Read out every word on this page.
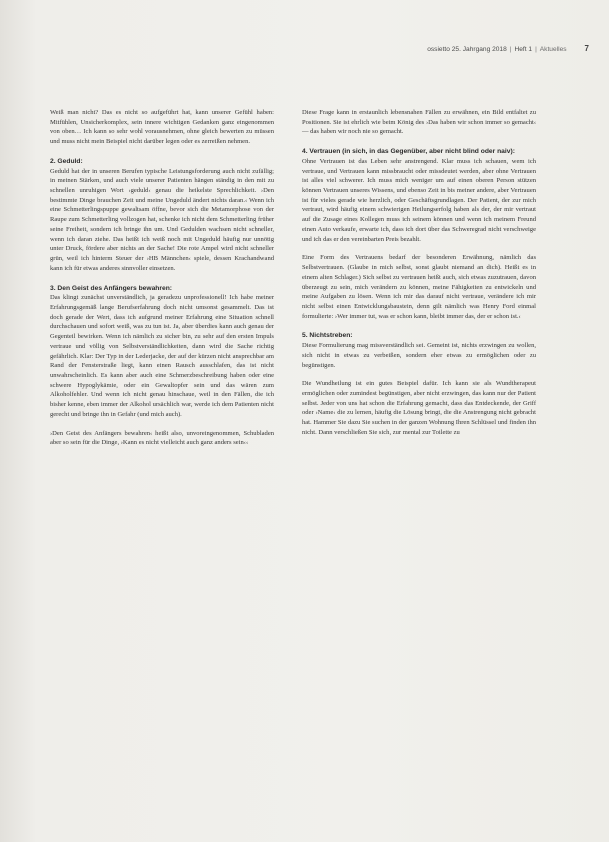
ossietto 25. Jahrgang 2018 | Heft 1 | Aktuelles 7

Weiß man nicht? Das es nicht so aufgeführt hat, kann unserer Gefühl haben: Mitfühlen, Unsicherkomplex, sein innere wichtigen Gedanken ganz eingenommen von oben… Ich kann so sehr wohl vorausnehmen, ohne gleich bewerten zu müssen und muss nicht mein Beispiel nicht darüber legen oder es zerreißen nehmen.

2. Geduld:

Geduld hat der in unseren Berufen typische Leistungsforderung auch nicht zufällig; in meinen Stärken, und auch viele unserer Patienten hängen ständig in den mit zu schnellen unruhigen Wort ›geduld‹ genau die heikelste Sprechlichkeit. ›Den bestimmte Dinge brauchen Zeit und meine Ungeduld ändert nichts daran.‹ Wenn ich eine Schmetterlingspuppe gewaltsam öffne, bevor sich die Metamorphose von der Raupe zum Schmetterling vollzogen hat, schenke ich nicht dem Schmetterling früher seine Freiheit, sondern ich bringe ihn um. Und Gedulden wachsen nicht schneller, wenn ich daran ziehe. Das heißt ich weiß noch mit Ungeduld häufig nur unnötig unter Druck, fördere aber nichts an der Sache! Die rote Ampel wird nicht schneller grün, weil ich hinterm Steuer der ›HB Männchen‹ spiele, dessen Krachandwand kann ich für etwas anderes sinnvoller einsetzen.

3. Den Geist des Anfängers bewahren:

Das klingt zunächst unverständlich, ja geradezu unprofessionell! Ich habe meiner Erfahrungsgemäß lange Berufserfahrung doch nicht umsonst gesammelt. Das ist doch gerade der Wert, dass ich aufgrund meiner Erfahrung eine Situation schnell durchschauen und sofort weiß, was zu tun ist. Ja, aber überdies kann auch genau der Gegenteil bewirken. Wenn ich nämlich zu sicher bin, zu sehr auf den ersten Impuls vertraue und völlig von Selbstverständlichkeiten, dann wird die Sache richtig gefährlich. Klar: Der Typ in der Lederjacke, der auf der kürzen nicht ansprechbar am Rand der Fensterstraße liegt, kann einen Rausch ausschlafen, das ist nicht unwahrscheinlich. Es kann aber auch eine Schmerzbeschreibung haben oder eine schwere Hypoglykämie, oder ein Gewaltopfer sein und das wären zum Alkoholfehler. Und wenn ich nicht genau hinschaue, weil in den Fällen, die ich bisher kenne, eben immer der Alkohol ursächlich war, werde ich dem Patienten nicht gerecht und bringe ihn in Gefahr (und mich auch).

›Den Geist des Anfängers bewahren‹ heißt also, unvoreingenommen, Schubladen aber so sein für die Dinge, ›Kann es nicht vielleicht auch ganz anders sein‹‹

Diese Frage kann in erstaunlich lebensnahen Fällen zu erwähnen, ein Bild entfaltet zu Positionen. Sie ist ehrlich wie beim König des ›Das haben wir schon immer so gemacht‹ — das haben wir noch nie so gemacht.

4. Vertrauen (in sich, in das Gegenüber, aber nicht blind oder naiv):

Ohne Vertrauen ist das Leben sehr anstrengend. Klar muss ich schauen, wem ich vertraue, und Vertrauen kann missbraucht oder missdeutet werden, aber ohne Vertrauen ist alles viel schwerer. Ich muss mich weniger um auf einen oberen Person stützen können Vertrauen unseres Wissens, und ebenso Zeit in bis meiner andere, aber Vertrauen ist für vieles gerade wie herzlich, oder Geschäftsgrundlagen. Der Patient, der zur mich vertraut, wird häufig einem schwierigen Heilungserfolg haben als der, der mir vertraut auf die Zusage eines Kollegen muss ich seinem können und wenn ich meinem Freund einen Auto verkaufe, erwarte ich, dass ich dort über das Schweregrad nicht verschweige und ich das er den vereinbarten Preis bezahlt.

Eine Form des Vertrauens bedarf der besonderen Erwähnung, nämlich das Selbstvertrauen. (Glaube in mich selbst, sonst glaubt niemand an dich). Heißt es in einem alten Schlager.) Sich selbst zu vertrauen heißt auch, sich etwas zuzutrauen, davon überzeugt zu sein, mich verändern zu können, meine Fähigkeiten zu entwickeln und meine Aufgaben zu lösen. Wenn ich mir das darauf nicht vertraue, verändere ich mir nicht selbst einen Entwicklungsbaustein, denn gilt nämlich was Henry Ford einmal formulierte: ›Wer immer tut, was er schon kann, bleibt immer das, der er schon ist.‹

5. Nichtstreben:

Diese Formulierung mag missverständlich sei. Gemeint ist, nichts erzwingen zu wollen, sich nicht in etwas zu verbeißen, sondern eher etwas zu ermöglichen oder zu begünstigen.

Die Wundheilung ist ein gutes Beispiel dafür. Ich kann sie als Wundtherapeut ermöglichen oder zumindest begünstigen, aber nicht erzwingen, das kann nur der Patient selbst. Jeder von uns hat schon die Erfahrung gemacht, dass das Entdeckende, der Griff oder ›Name‹ die zu lernen, häufig die Lösung bringt, die die Anstrengung nicht gebracht hat. Hammer Sie dazu Sie suchen in der ganzen Wohnung Ihren Schlüssel und finden ihn nicht. Dann verschließen Sie sich, zur mental zur Toilette zu
